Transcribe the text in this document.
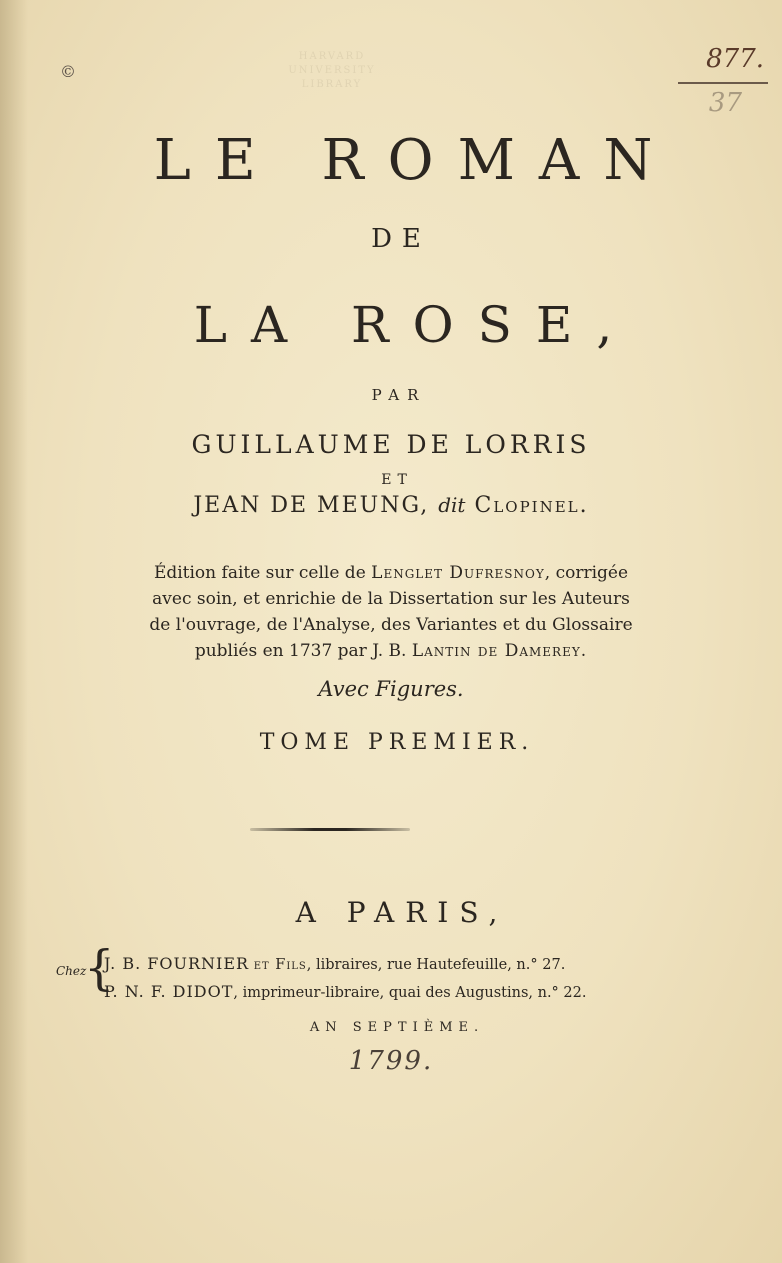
©
HARVARD
UNIVERSITY
LIBRARY
877.
37
LE ROMAN
DE
LA ROSE,
PAR
GUILLAUME DE LORRIS
ET
JEAN DE MEUNG, dit Clopinel.
Édition faite sur celle de Lenglet Dufresnoy, corrigée
avec soin, et enrichie de la Dissertation sur les Auteurs
de l'ouvrage, de l'Analyse, des Variantes et du Glossaire
publiés en 1737 par J. B. Lantin de Damerey.
Avec Figures.
TOME PREMIER.
A PARIS,
Chez
{
J. B. FOURNIER et Fils, libraires, rue Hautefeuille, n.° 27.
P. N. F. DIDOT, imprimeur-libraire, quai des Augustins, n.° 22.
AN SEPTIÈME.
1799.
